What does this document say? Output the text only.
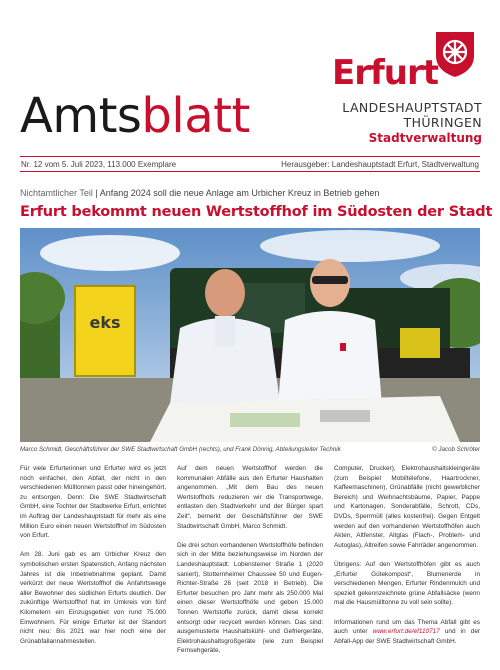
Amtsblatt
Erfurt
LANDESHAUPTSTADT
THÜRINGEN
Stadtverwaltung
Nr. 12 vom 5. Juli 2023, 113.000 Exemplare	Herausgeber: Landeshauptstadt Erfurt, Stadtverwaltung
Nichtamtlicher Teil | Anfang 2024 soll die neue Anlage am Urbicher Kreuz in Betrieb gehen
Erfurt bekommt neuen Wertstoffhof im Südosten der Stadt
eks
Marco Schmidt, Geschäftsführer der SWE Stadtwirtschaft GmbH (rechts), und Frank Dönnig, Abteilungsleiter Technik	© Jacob Schröter

Für viele Erfurterinnen und Erfurter wird es jetzt noch einfacher, den Abfall, der nicht in den verschiedenen Mülltonnen passt oder hineingehört, zu entsorgen. Denn: Die SWE Stadtwirtschaft GmbH, eine Tochter der Stadtwerke Erfurt, errichtet im Auftrag der Landeshauptstadt für mehr als eine Million Euro einen neuen Wertstoffhof im Südosten von Erfurt.

Am 28. Juni gab es am Urbicher Kreuz den symbolischen ersten Spatenstich, Anfang nächsten Jahres ist die Inbetriebnahme geplant. Damit verkürzt der neue Wertstoffhof die Anfahrtswege aller Bewohner des südlichen Erfurts deutlich. Der zukünftige Wertstoffhof hat im Umkreis von fünf Kilometern ein Einzugsgebiet von rund 75.000 Einwohnern. Für einige Erfurter ist der Standort nicht neu: Bis 2021 war hier noch eine der Grünabfallannahmestellen.

Auf dem neuen Wertstoffhof werden die kommunalen Abfälle aus den Erfurter Haushalten angenommen. „Mit dem Bau des neuen Wertstoffhofs reduzieren wir die Transportwege, entlasten den Stadtverkehr und der Bürger spart Zeit“, bemerkt der Geschäftsführer der SWE Stadtwirtschaft GmbH, Marco Schmidt.

Die drei schon vorhandenen Wertstoffhöfe befinden sich in der Mitte beziehungsweise im Norden der Landeshauptstadt: Lobensteiner Straße 1 (2020 saniert), Stotternheimer Chaussee 50 und Eugen-Richter-Straße 26 (seit 2018 in Betrieb). Die Erfurter besuchen pro Jahr mehr als 250.000 Mal einen dieser Wertstoffhöfe und geben 15.000 Tonnen Wertstoffe zurück, damit diese korrekt entsorgt oder recycelt werden können. Das sind: ausgemusterte Haushaltskühl- und Gefriergeräte, Elektrohaushaltsgroßgeräte (wie zum Beispiel Fernsehgeräte,

Computer, Drucker), Elektrohaushaltskleingeräte (zum Beispiel Mobiltelefone, Haartrockner, Kaffeemaschinen), Grünabfälle (nicht gewerblicher Bereich) und Weihnachtsbäume, Papier, Pappe und Kartonagen, Sonderabfälle, Schrott, CDs, DVDs, Sperrmüll (alles kostenfrei). Gegen Entgelt werden auf den vorhandenen Wertstoffhöfen auch Akten, Altfenster, Altglas (Flach-, Problem- und Autoglas), Altreifen sowie Fahrräder angenommen.

Übrigens: Auf den Wertstoffhöfen gibt es auch „Erfurter Gütekompost“, Blumenerde in verschiedenen Mengen, Erfurter Rindenmulch und speziell gekennzeichnete grüne Abfallsäcke (wenn mal die Hausmülltonne zu voll sein sollte).

Informationen rund um das Thema Abfall gibt es auch unter www.erfurt.de/ef110717 und in der Abfall-App der SWE Stadtwirtschaft GmbH.
